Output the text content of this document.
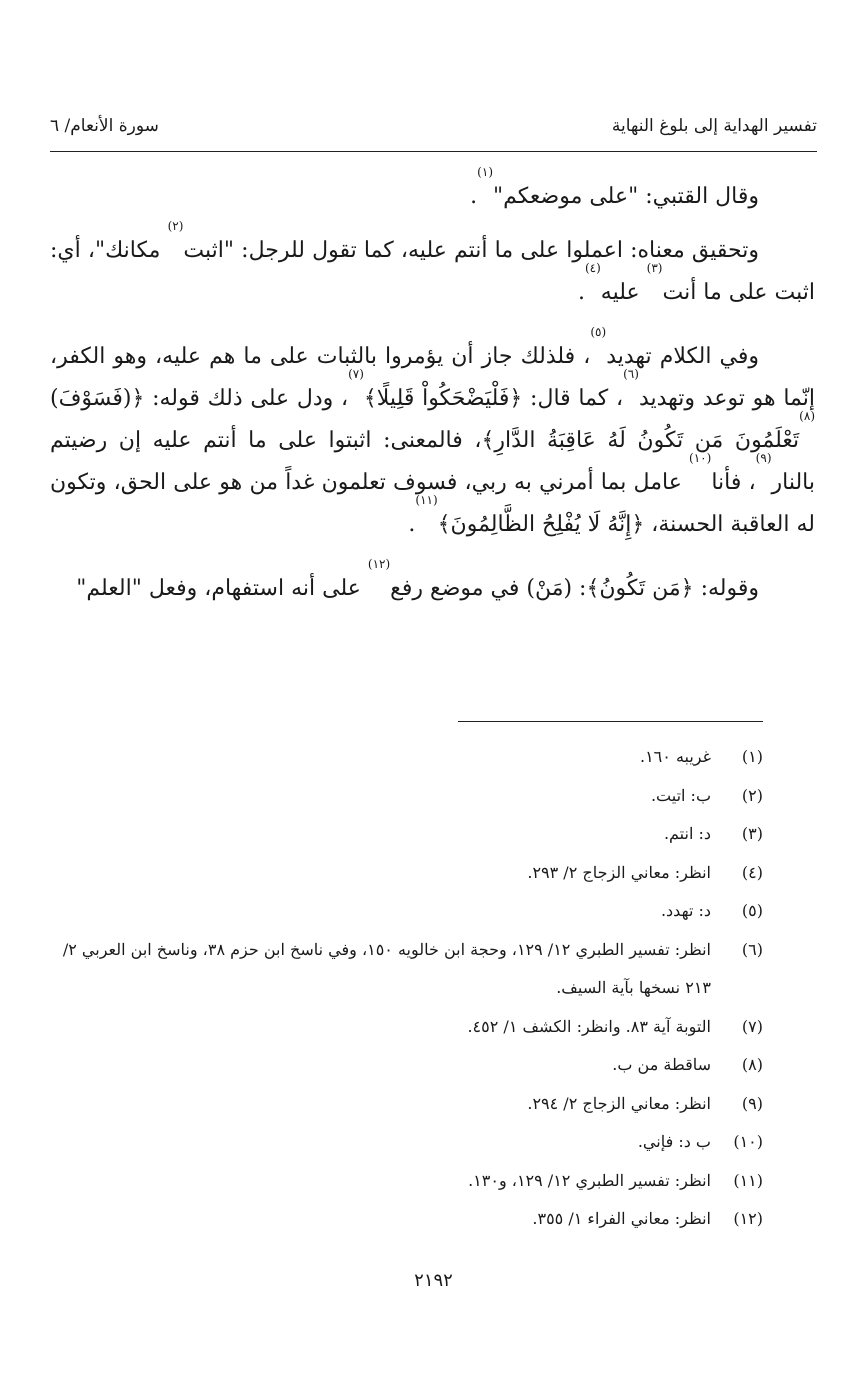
تفسير الهداية إلى بلوغ النهاية
سورة الأنعام/ ٦

وقال القتبي: "على موضعكم"$^{(١)}$.

وتحقيق معناه: اعملوا على ما أنتم عليه، كما تقول للرجل: "اثبت$^{(٢)}$ مكانك"، أي: اثبت على ما أنت$^{(٣)}$ عليه$^{(٤)}$.

وفي الكلام تهديد$^{(٥)}$، فلذلك جاز أن يؤمروا بالثبات على ما هم عليه، وهو الكفر، إنّما هو توعد وتهديد$^{(٦)}$، كما قال: ﴿فَلْيَضْحَكُواْ قَلِيلًا﴾$^{(٧)}$، ودل على ذلك قوله: ﴿(فَسَوْفَ)$^{(٨)}$تَعْلَمُونَ مَن تَكُونُ لَهُ عَاقِبَةُ الدَّارِ﴾، فالمعنى: اثبتوا على ما أنتم عليه إن رضيتم بالنار$^{(٩)}$، فأنا$^{(١٠)}$ عامل بما أمرني به ربي، فسوف تعلمون غداً من هو على الحق، وتكون له العاقبة الحسنة، ﴿إِنَّهُ لَا يُفْلِحُ الظَّالِمُونَ﴾$^{(١١)}$.

وقوله: ﴿مَن تَكُونُ﴾: (مَنْ) في موضع رفع$^{(١٢)}$ على أنه استفهام، وفعل "العلم"

(١)
غريبه ١٦٠.
(٢)
ب: اتيت.
(٣)
د: انتم.
(٤)
انظر: معاني الزجاج ٢/ ٢٩٣.
(٥)
د: تهدد.
(٦)
انظر: تفسير الطبري ١٢/ ١٢٩، وحجة ابن خالويه ١٥٠، وفي ناسخ ابن حزم ٣٨، وناسخ ابن العربي ٢/ ٢١٣ نسخها بآية السيف.
(٧)
التوبة آية ٨٣. وانظر: الكشف ١/ ٤٥٢.
(٨)
ساقطة من ب.
(٩)
انظر: معاني الزجاج ٢/ ٢٩٤.
(١٠)
ب د: فإني.
(١١)
انظر: تفسير الطبري ١٢/ ١٢٩، و١٣٠.
(١٢)
انظر: معاني الفراء ١/ ٣٥٥.
٢١٩٢
